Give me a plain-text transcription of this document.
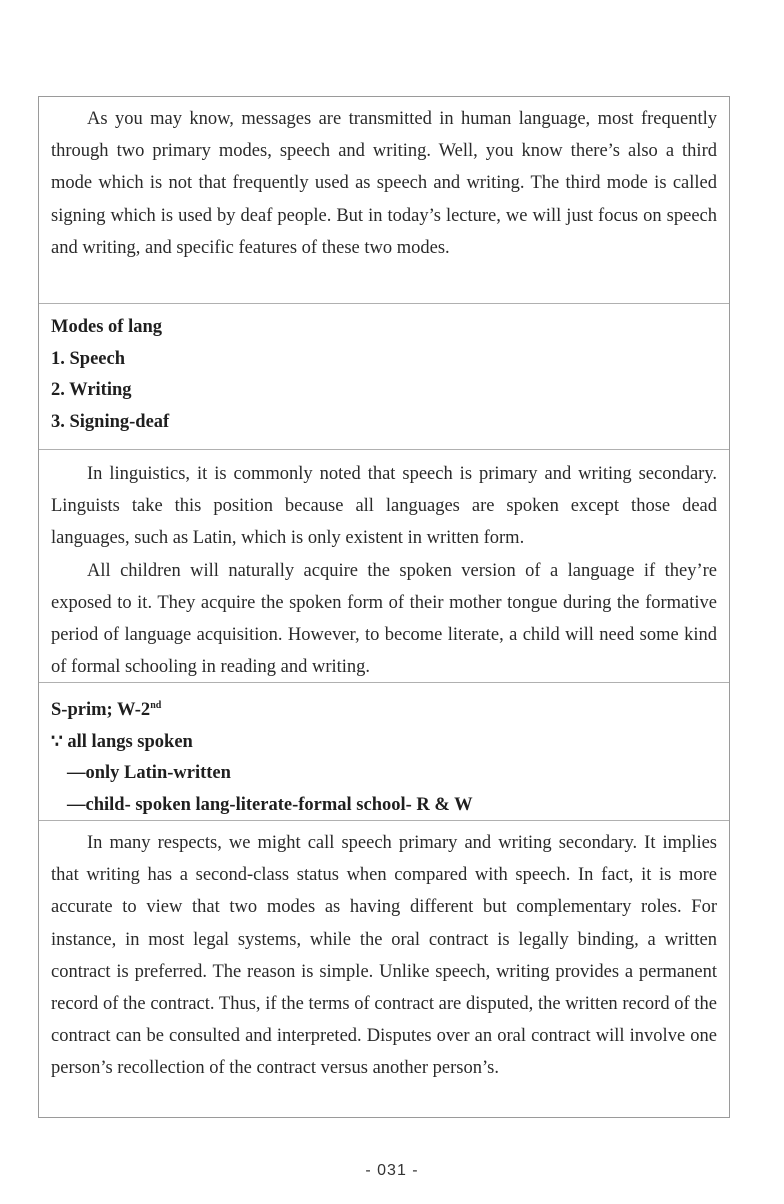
As you may know, messages are transmitted in human language, most frequently through two primary modes, speech and writing. Well, you know there’s also a third mode which is not that frequently used as speech and writing. The third mode is called signing which is used by deaf people. But in today’s lecture, we will just focus on speech and writing, and specific features of these two modes.

Modes of lang
1. Speech
2. Writing
3. Signing-deaf

In linguistics, it is commonly noted that speech is primary and writing secondary. Linguists take this position because all languages are spoken except those dead languages, such as Latin, which is only existent in written form.

All children will naturally acquire the spoken version of a language if they’re exposed to it. They acquire the spoken form of their mother tongue during the formative period of language acquisition. However, to become literate, a child will need some kind of formal schooling in reading and writing.

S-prim; W-2nd
∵ all langs spoken
—only Latin-written
—child- spoken lang-literate-formal school- R & W

In many respects, we might call speech primary and writing secondary. It implies that writing has a second-class status when compared with speech. In fact, it is more accurate to view that two modes as having different but complementary roles. For instance, in most legal systems, while the oral contract is legally binding, a written contract is preferred. The reason is simple. Unlike speech, writing provides a permanent record of the contract. Thus, if the terms of contract are disputed, the written record of the contract can be consulted and interpreted. Disputes over an oral contract will involve one person’s recollection of the contract versus another person’s.

- 031 -
